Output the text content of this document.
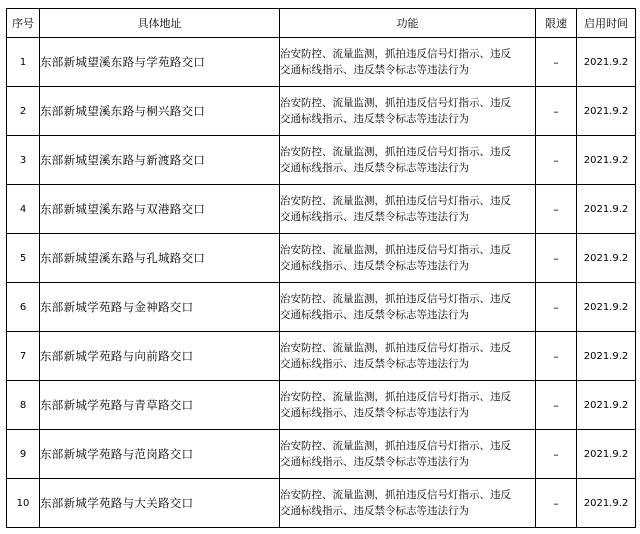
序号	具体地址	功能	限速	启用时间
1	东部新城望溪东路与学苑路交口	治安防控、流量监测，抓拍违反信号灯指示、违反
交通标线指示、违反禁令标志等违法行为	–	2021.9.2
2	东部新城望溪东路与桐兴路交口	治安防控、流量监测，抓拍违反信号灯指示、违反
交通标线指示、违反禁令标志等违法行为	–	2021.9.2
3	东部新城望溪东路与新渡路交口	治安防控、流量监测，抓拍违反信号灯指示、违反
交通标线指示、违反禁令标志等违法行为	–	2021.9.2
4	东部新城望溪东路与双港路交口	治安防控、流量监测，抓拍违反信号灯指示、违反
交通标线指示、违反禁令标志等违法行为	–	2021.9.2
5	东部新城望溪东路与孔城路交口	治安防控、流量监测，抓拍违反信号灯指示、违反
交通标线指示、违反禁令标志等违法行为	–	2021.9.2
6	东部新城学苑路与金神路交口	治安防控、流量监测，抓拍违反信号灯指示、违反
交通标线指示、违反禁令标志等违法行为	–	2021.9.2
7	东部新城学苑路与向前路交口	治安防控、流量监测，抓拍违反信号灯指示、违反
交通标线指示、违反禁令标志等违法行为	–	2021.9.2
8	东部新城学苑路与青草路交口	治安防控、流量监测，抓拍违反信号灯指示、违反
交通标线指示、违反禁令标志等违法行为	–	2021.9.2
9	东部新城学苑路与范岗路交口	治安防控、流量监测，抓拍违反信号灯指示、违反
交通标线指示、违反禁令标志等违法行为	–	2021.9.2
10	东部新城学苑路与大关路交口	治安防控、流量监测，抓拍违反信号灯指示、违反
交通标线指示、违反禁令标志等违法行为	–	2021.9.2
